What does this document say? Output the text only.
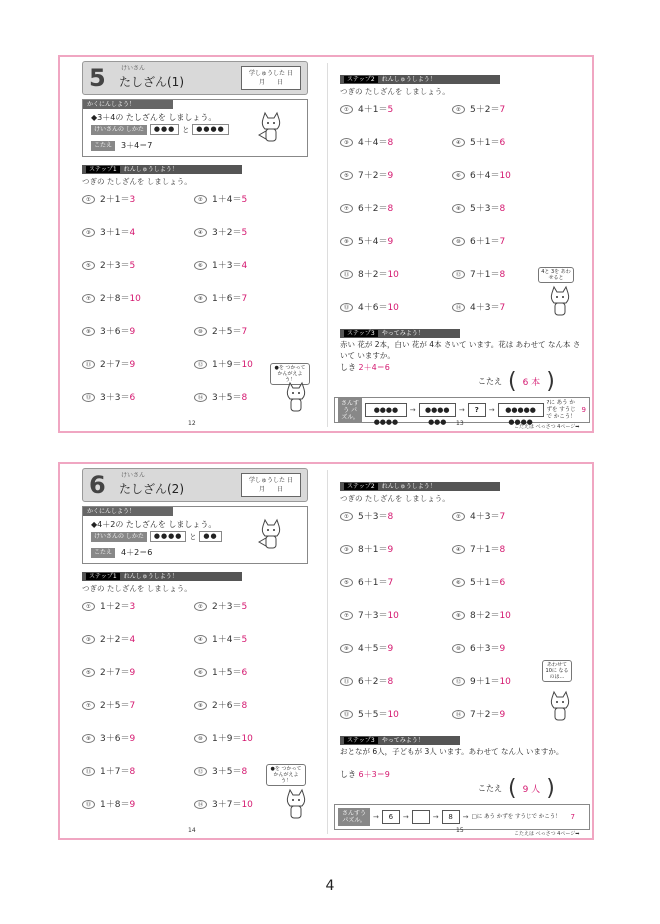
5	けいさん
たしざん(1)
学しゅうした 日
月　　日
かくにんしよう！
◆3＋4の たしざんを しましょう。
けいさんの しかた	●●●	と	●●●●
こたえ	3＋4＝7
ステップ1 れんしゅうしよう！
つぎの たしざんを しましょう。
① 2＋1＝3	② 1＋4＝5
③ 3＋1＝4	④ 3＋2＝5
⑤ 2＋3＝5	⑥ 1＋3＝4
⑦ 2＋8＝10	⑧ 1＋6＝7
⑨ 3＋6＝9	⑩ 2＋5＝7
⑪ 2＋7＝9	⑫ 1＋9＝10
⑬ 3＋3＝6	⑭ 3＋5＝8
●を つかって かんがえよう！
12
ステップ2 れんしゅうしよう！
つぎの たしざんを しましょう。
① 4＋1＝5	② 5＋2＝7
③ 4＋4＝8	④ 5＋1＝6
⑤ 7＋2＝9	⑥ 6＋4＝10
⑦ 6＋2＝8	⑧ 5＋3＝8
⑨ 5＋4＝9	⑩ 6＋1＝7
⑪ 8＋2＝10	⑫ 7＋1＝8
⑬ 4＋6＝10	⑭ 4＋3＝7
4と 3を あわせると
ステップ3 やってみよう！
赤い 花が 2本，白い 花が 4本 さいて います。花は あわせて なん本 さいて いますか。
しき 2＋4＝6
こたえ ( 6 本 )
さんすう パズル。
●●●● ●●●●
→	●●●● ●●●
→	?	→	●●●●● ●●●●
?に あう かずを すうじで かこう！
9
こたえは べっさつ 4ページ➡
13
6	けいさん
たしざん(2)
学しゅうした 日
月　　日
かくにんしよう！
◆4＋2の たしざんを しましょう。
けいさんの しかた	●●●●	と	●●
こたえ	4＋2＝6
ステップ1 れんしゅうしよう！
つぎの たしざんを しましょう。
① 1＋2＝3	② 2＋3＝5
③ 2＋2＝4	④ 1＋4＝5
⑤ 2＋7＝9	⑥ 1＋5＝6
⑦ 2＋5＝7	⑧ 2＋6＝8
⑨ 3＋6＝9	⑩ 1＋9＝10
⑪ 1＋7＝8	⑫ 3＋5＝8
⑬ 1＋8＝9	⑭ 3＋7＝10
●を つかって かんがえよう！
14
ステップ2 れんしゅうしよう！
つぎの たしざんを しましょう。
① 5＋3＝8	② 4＋3＝7
③ 8＋1＝9	④ 7＋1＝8
⑤ 6＋1＝7	⑥ 5＋1＝6
⑦ 7＋3＝10	⑧ 8＋2＝10
⑨ 4＋5＝9	⑩ 6＋3＝9
⑪ 6＋2＝8	⑫ 9＋1＝10
⑬ 5＋5＝10	⑭ 7＋2＝9
あわせて 10に なるのは…
ステップ3 やってみよう！
おとなが 6人，子どもが 3人 います。あわせて なん人 いますか。
しき 6＋3＝9
こたえ ( 9 人 )
さんすう パズル。	→	6	→	→	8	→ □に あう かずを すうじで かこう！	7
こたえは べっさつ 4ページ➡
15
4
